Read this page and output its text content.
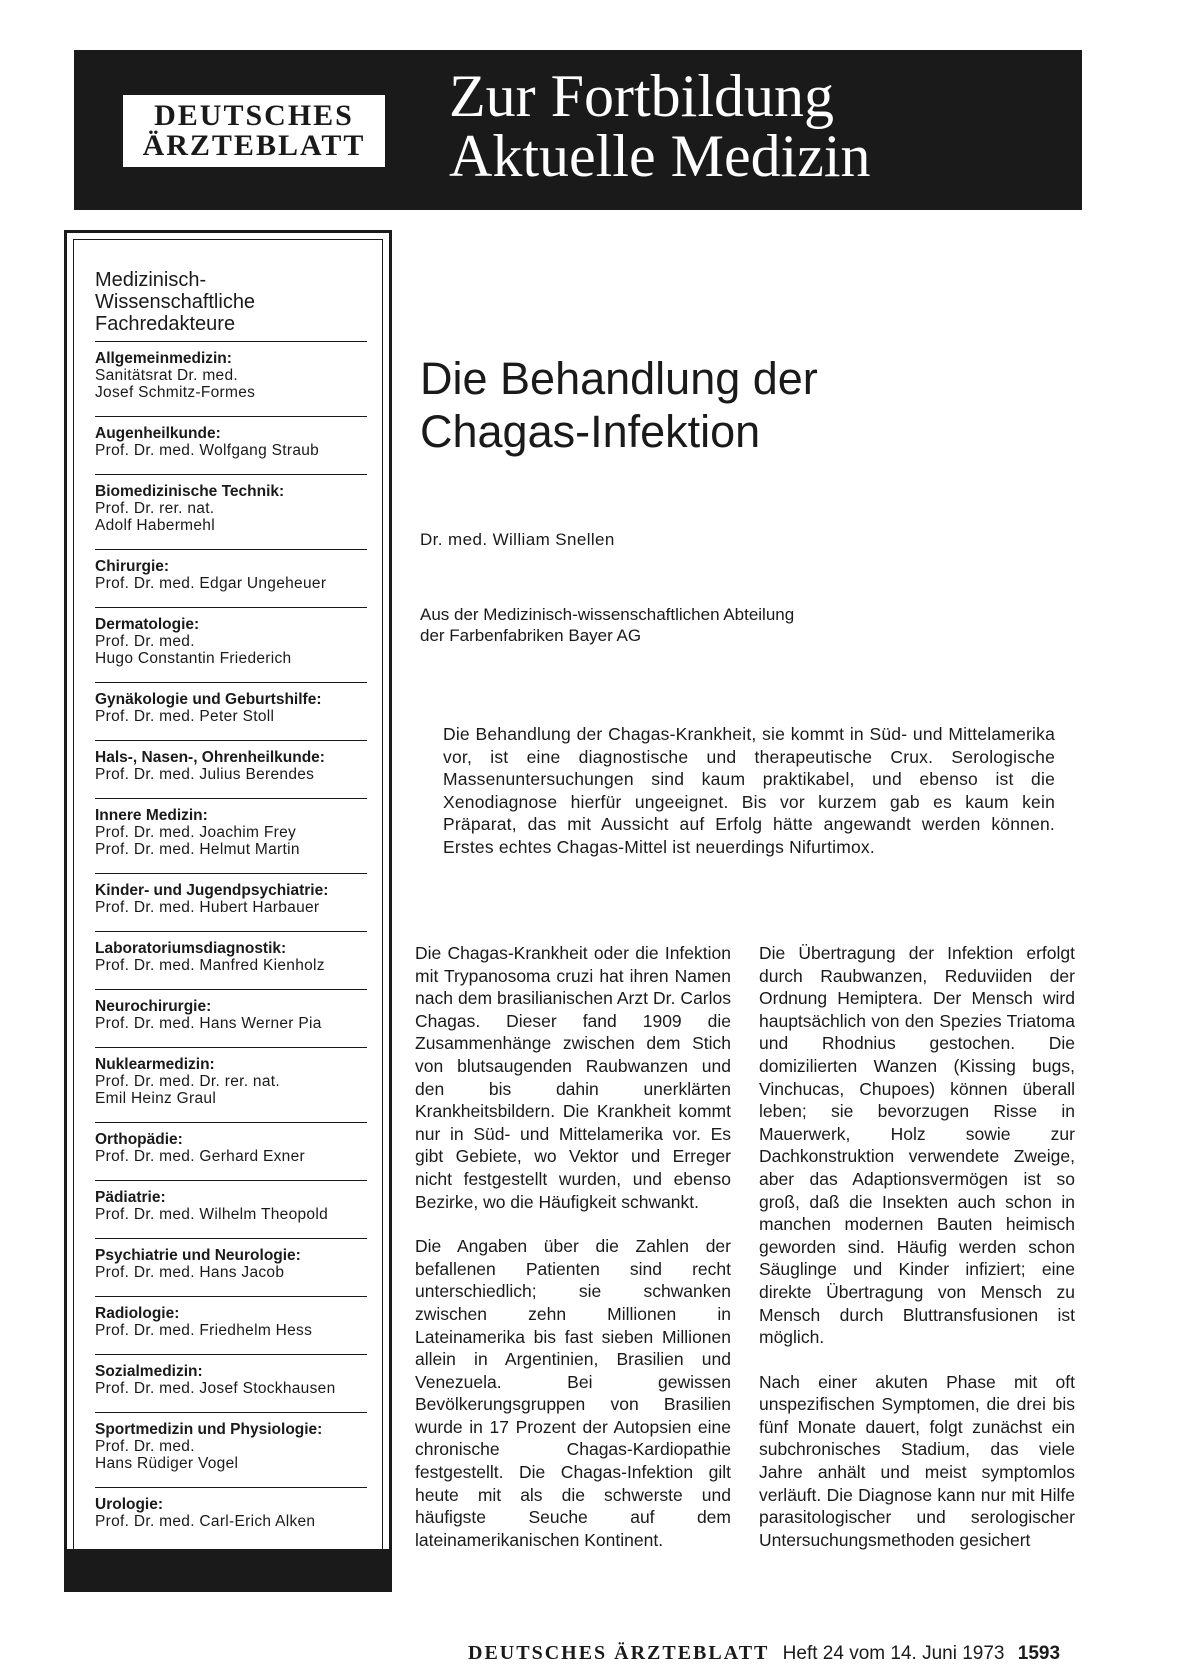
DEUTSCHES
ÄRZTEBLATT
Zur Fortbildung
Aktuelle Medizin
Medizinisch-
Wissenschaftliche
Fachredakteure
Allgemeinmedizin:
Sanitätsrat Dr. med.
Josef Schmitz-Formes
Augenheilkunde:
Prof. Dr. med. Wolfgang Straub
Biomedizinische Technik:
Prof. Dr. rer. nat.
Adolf Habermehl
Chirurgie:
Prof. Dr. med. Edgar Ungeheuer
Dermatologie:
Prof. Dr. med.
Hugo Constantin Friederich
Gynäkologie und Geburtshilfe:
Prof. Dr. med. Peter Stoll
Hals-, Nasen-, Ohrenheilkunde:
Prof. Dr. med. Julius Berendes
Innere Medizin:
Prof. Dr. med. Joachim Frey
Prof. Dr. med. Helmut Martin
Kinder- und Jugendpsychiatrie:
Prof. Dr. med. Hubert Harbauer
Laboratoriumsdiagnostik:
Prof. Dr. med. Manfred Kienholz
Neurochirurgie:
Prof. Dr. med. Hans Werner Pia
Nuklearmedizin:
Prof. Dr. med. Dr. rer. nat.
Emil Heinz Graul
Orthopädie:
Prof. Dr. med. Gerhard Exner
Pädiatrie:
Prof. Dr. med. Wilhelm Theopold
Psychiatrie und Neurologie:
Prof. Dr. med. Hans Jacob
Radiologie:
Prof. Dr. med. Friedhelm Hess
Sozialmedizin:
Prof. Dr. med. Josef Stockhausen
Sportmedizin und Physiologie:
Prof. Dr. med.
Hans Rüdiger Vogel
Urologie:
Prof. Dr. med. Carl-Erich Alken
Die Behandlung der
Chagas-Infektion
Dr. med. William Snellen
Aus der Medizinisch-wissenschaftlichen Abteilung
der Farbenfabriken Bayer AG
Die Behandlung der Chagas-Krankheit, sie kommt in Süd- und Mittelamerika vor, ist eine diagnostische und therapeutische Crux. Serologische Massenuntersuchungen sind kaum praktikabel, und ebenso ist die Xenodiagnose hierfür ungeeignet. Bis vor kurzem gab es kaum kein Präparat, das mit Aussicht auf Erfolg hätte angewandt werden können. Erstes echtes Chagas-Mittel ist neuerdings Nifurtimox.

Die Chagas-Krankheit oder die Infektion mit Trypanosoma cruzi hat ihren Namen nach dem brasilianischen Arzt Dr. Carlos Chagas. Dieser fand 1909 die Zusammenhänge zwischen dem Stich von blutsaugenden Raubwanzen und den bis dahin unerklärten Krankheitsbildern. Die Krankheit kommt nur in Süd- und Mittelamerika vor. Es gibt Gebiete, wo Vektor und Erreger nicht festgestellt wurden, und ebenso Bezirke, wo die Häufigkeit schwankt.

Die Angaben über die Zahlen der befallenen Patienten sind recht unterschiedlich; sie schwanken zwischen zehn Millionen in Lateinamerika bis fast sieben Millionen allein in Argentinien, Brasilien und Venezuela. Bei gewissen Bevölkerungsgruppen von Brasilien wurde in 17 Prozent der Autopsien eine chronische Chagas-Kardiopathie festgestellt. Die Chagas-Infektion gilt heute mit als die schwerste und häufigste Seuche auf dem lateinamerikanischen Kontinent.

Die Übertragung der Infektion erfolgt durch Raubwanzen, Reduviiden der Ordnung Hemiptera. Der Mensch wird hauptsächlich von den Spezies Triatoma und Rhodnius gestochen. Die domizilierten Wanzen (Kissing bugs, Vinchucas, Chupoes) können überall leben; sie bevorzugen Risse in Mauerwerk, Holz sowie zur Dachkonstruktion verwendete Zweige, aber das Adaptionsvermögen ist so groß, daß die Insekten auch schon in manchen modernen Bauten heimisch geworden sind. Häufig werden schon Säuglinge und Kinder infiziert; eine direkte Übertragung von Mensch zu Mensch durch Bluttransfusionen ist möglich.

Nach einer akuten Phase mit oft unspezifischen Symptomen, die drei bis fünf Monate dauert, folgt zunächst ein subchronisches Stadium, das viele Jahre anhält und meist symptomlos verläuft. Die Diagnose kann nur mit Hilfe parasitologischer und serologischer Untersuchungsmethoden gesichert

DEUTSCHES ÄRZTEBLATT Heft 24 vom 14. Juni 1973 1593
